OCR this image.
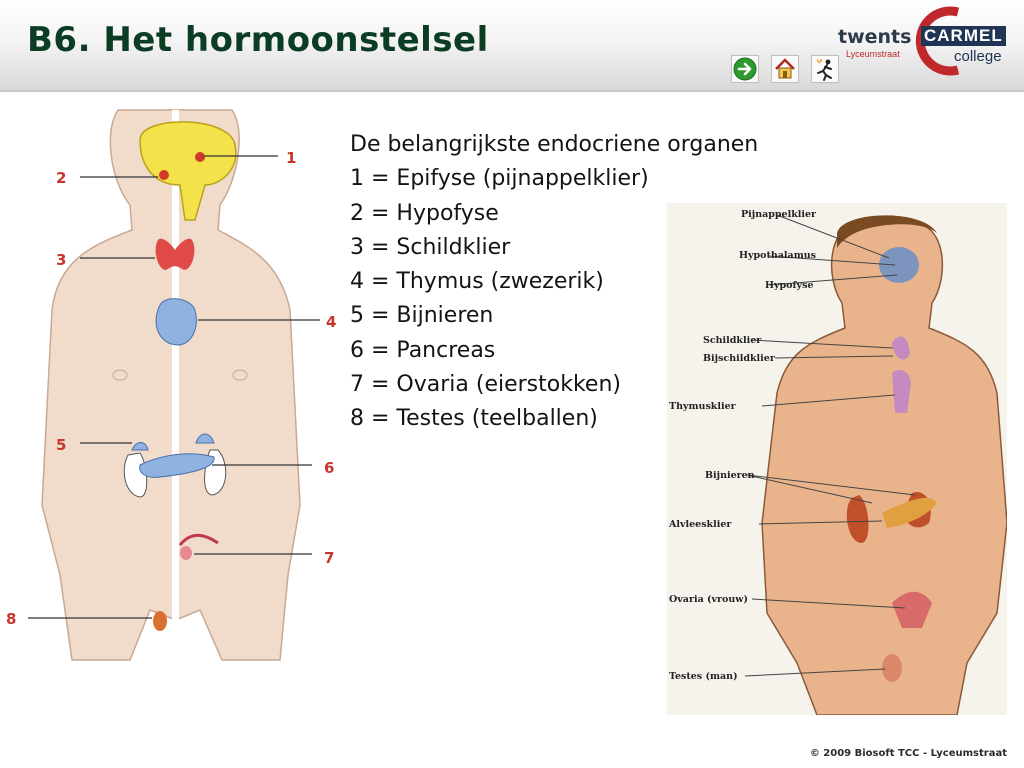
B6. Het hormoonstelsel	twents CARMEL
college
Lyceumstraat
1
2
3
4
5
6
7
8
Pijnappelklier
Hypothalamus
Hypofyse
Schildklier
Bijschildklier
Thymusklier
Bijnieren
Alvleesklier
Ovaria (vrouw)
Testes (man)
De belangrijkste endocriene organen
1 = Epifyse (pijnappelklier)
2 = Hypofyse
3 = Schildklier
4 = Thymus (zwezerik)
5 = Bijnieren
6 = Pancreas
7 = Ovaria (eierstokken)
8 = Testes (teelballen)
© 2009 Biosoft TCC - Lyceumstraat
